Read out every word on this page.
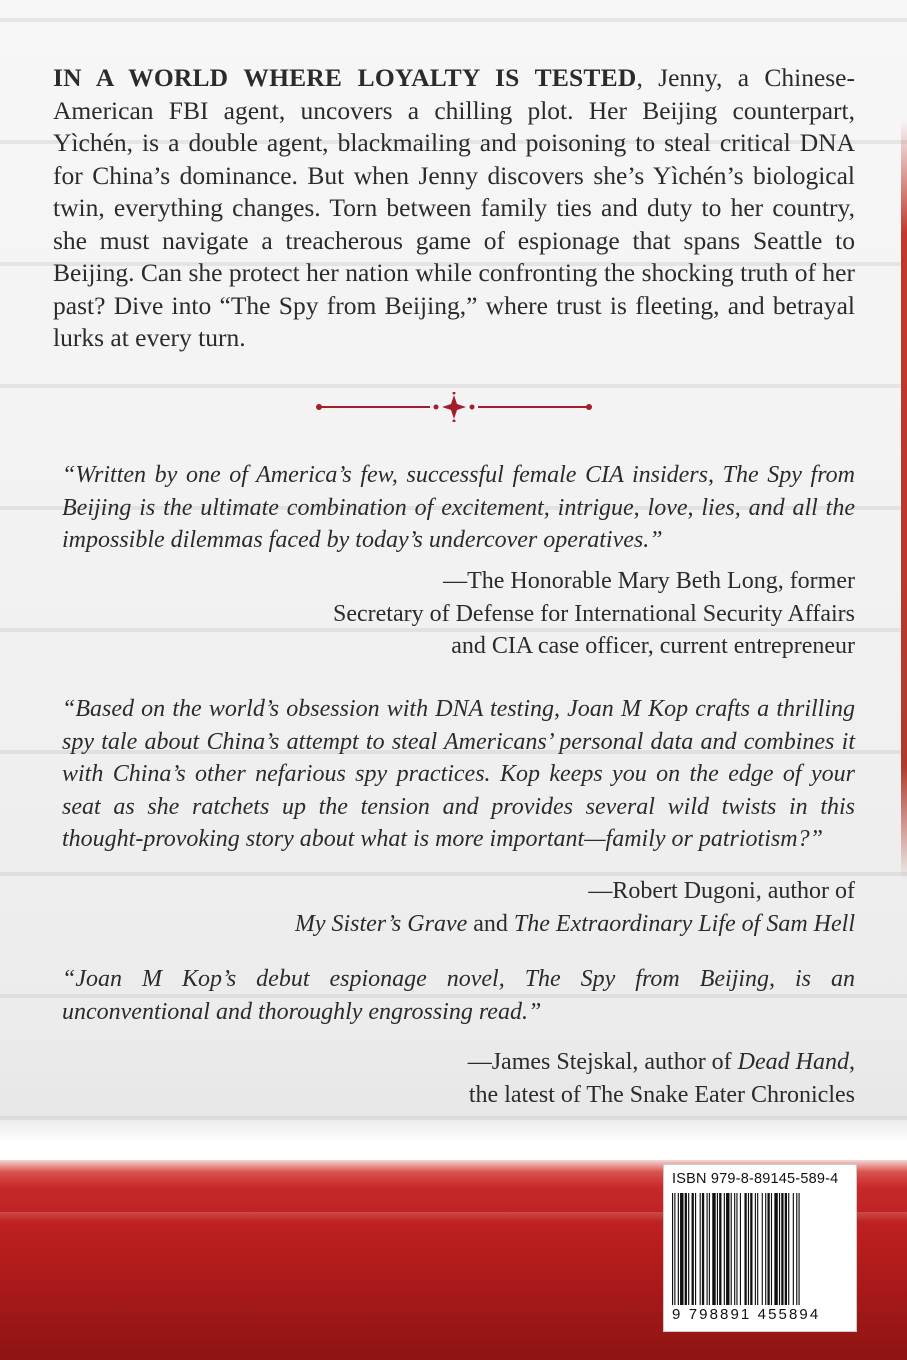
IN A WORLD WHERE LOYALTY IS TESTED, Jenny, a Chinese-American FBI agent, uncovers a chilling plot. Her Beijing counterpart, Yìchén, is a double agent, blackmailing and poisoning to steal critical DNA for China’s dominance. But when Jenny discovers she’s Yìchén’s biological twin, everything changes. Torn between family ties and duty to her country, she must navigate a treacherous game of espionage that spans Seattle to Beijing. Can she protect her nation while confronting the shocking truth of her past? Dive into “The Spy from Beijing,” where trust is fleeting, and betrayal lurks at every turn.

“Written by one of America’s few, successful female CIA insiders, The Spy from Beijing is the ultimate combination of excitement, intrigue, love, lies, and all the impossible dilemmas faced by today’s undercover operatives.”

—The Honorable Mary Beth Long, former
Secretary of Defense for International Security Affairs
and CIA case officer, current entrepreneur

“Based on the world’s obsession with DNA testing, Joan M Kop crafts a thrilling spy tale about China’s attempt to steal Americans’ personal data and combines it with China’s other nefarious spy practices. Kop keeps you on the edge of your seat as she ratchets up the tension and provides several wild twists in this thought-provoking story about what is more important—family or patriotism?”

—Robert Dugoni, author of
My Sister’s Grave and The Extraordinary Life of Sam Hell

“Joan M Kop’s debut espionage novel, The Spy from Beijing, is an unconventional and thoroughly engrossing read.”

—James Stejskal, author of Dead Hand,
the latest of The Snake Eater Chronicles
ISBN 979-8-89145-589-4
9 798891 455894
